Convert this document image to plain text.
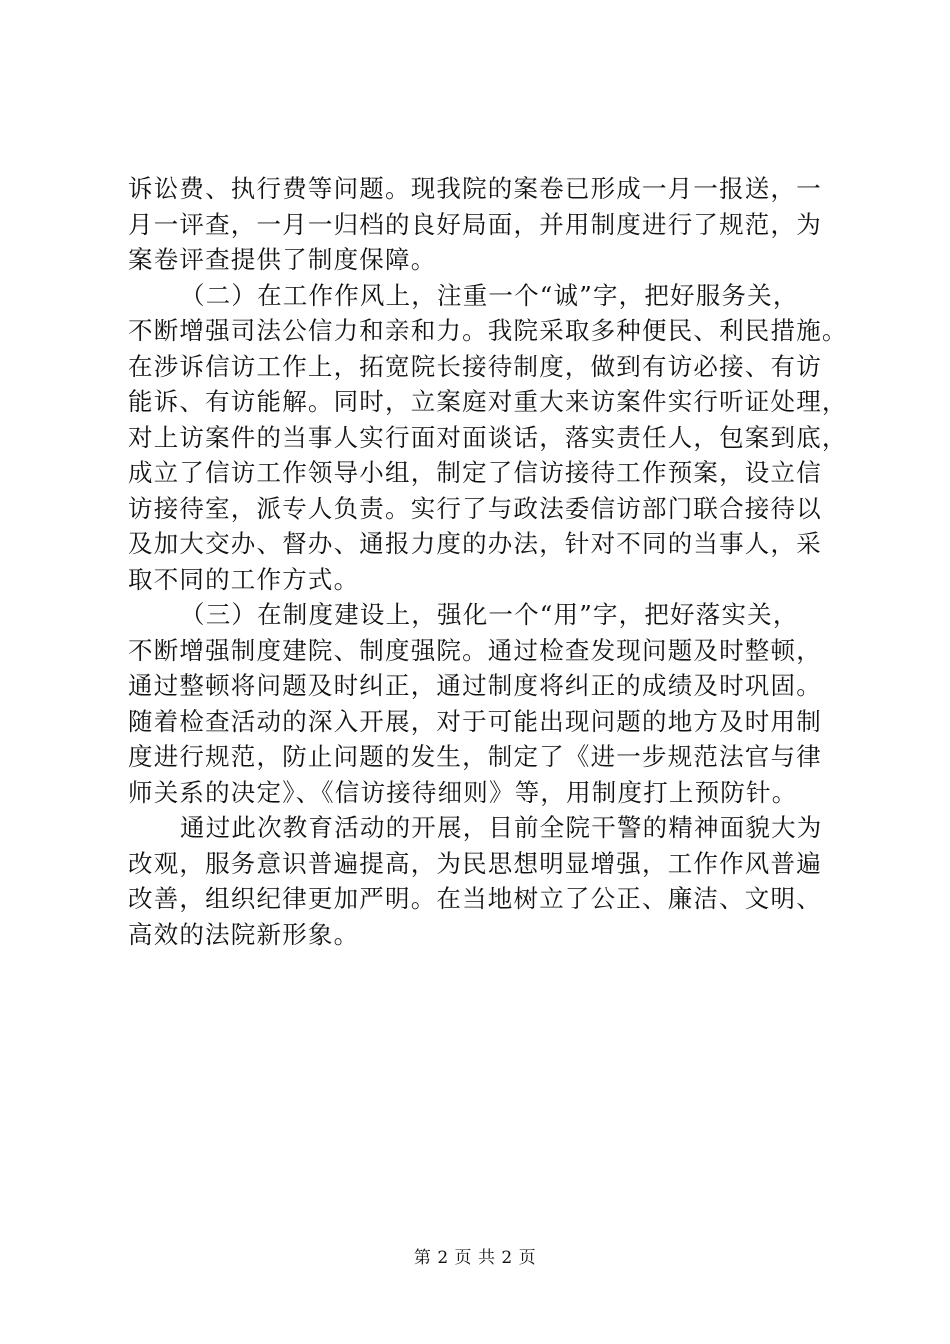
诉讼费、执行费等问题。现我院的案卷已形成一月一报送，一
月一评查，一月一归档的良好局面，并用制度进行了规范，为
案卷评查提供了制度保障。
（二）在工作作风上，注重一个“诚”字，把好服务关，
不断增强司法公信力和亲和力。我院采取多种便民、利民措施。
在涉诉信访工作上，拓宽院长接待制度，做到有访必接、有访
能诉、有访能解。同时，立案庭对重大来访案件实行听证处理，
对上访案件的当事人实行面对面谈话，落实责任人，包案到底，
成立了信访工作领导小组，制定了信访接待工作预案，设立信
访接待室，派专人负责。实行了与政法委信访部门联合接待以
及加大交办、督办、通报力度的办法，针对不同的当事人，采
取不同的工作方式。
（三）在制度建设上，强化一个“用”字，把好落实关，
不断增强制度建院、制度强院。通过检查发现问题及时整顿，
通过整顿将问题及时纠正，通过制度将纠正的成绩及时巩固。
随着检查活动的深入开展，对于可能出现问题的地方及时用制
度进行规范，防止问题的发生，制定了《进一步规范法官与律
师关系的决定》、《信访接待细则》等，用制度打上预防针。
通过此次教育活动的开展，目前全院干警的精神面貌大为
改观，服务意识普遍提高，为民思想明显增强，工作作风普遍
改善，组织纪律更加严明。在当地树立了公正、廉洁、文明、
高效的法院新形象。
第 2 页 共 2 页
